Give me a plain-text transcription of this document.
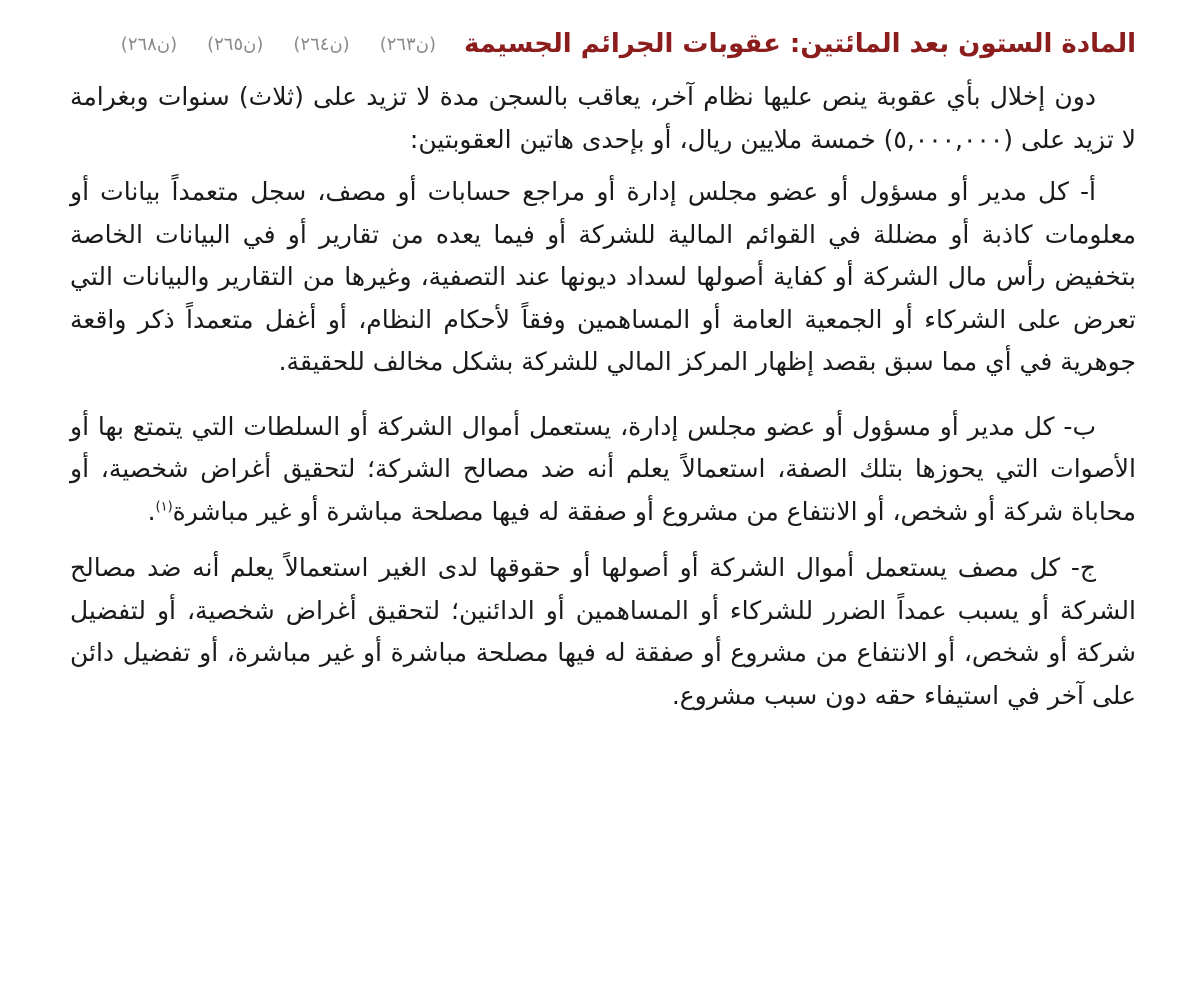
المادة الستون بعد المائتين: عقوبات الجرائم الجسيمة
(ن٢٦٣)
(ن٢٦٤)
(ن٢٦٥)
(ن٢٦٨)

دون إخلال بأي عقوبة ينص عليها نظام آخر، يعاقب بالسجن مدة لا تزيد على (ثلاث) سنوات وبغرامة لا تزيد على (٥,٠٠٠,٠٠٠) خمسة ملايين ريال، أو بإحدى هاتين العقوبتين:

أ- كل مدير أو مسؤول أو عضو مجلس إدارة أو مراجع حسابات أو مصف، سجل متعمداً بيانات أو معلومات كاذبة أو مضللة في القوائم المالية للشركة أو فيما يعده من تقارير أو في البيانات الخاصة بتخفيض رأس مال الشركة أو كفاية أصولها لسداد ديونها عند التصفية، وغيرها من التقارير والبيانات التي تعرض على الشركاء أو الجمعية العامة أو المساهمين وفقاً لأحكام النظام، أو أغفل متعمداً ذكر واقعة جوهرية في أي مما سبق بقصد إظهار المركز المالي للشركة بشكل مخالف للحقيقة.

ب- كل مدير أو مسؤول أو عضو مجلس إدارة، يستعمل أموال الشركة أو السلطات التي يتمتع بها أو الأصوات التي يحوزها بتلك الصفة، استعمالاً يعلم أنه ضد مصالح الشركة؛ لتحقيق أغراض شخصية، أو محاباة شركة أو شخص، أو الانتفاع من مشروع أو صفقة له فيها مصلحة مباشرة أو غير مباشرة$^{(١)}$.

ج- كل مصف يستعمل أموال الشركة أو أصولها أو حقوقها لدى الغير استعمالاً يعلم أنه ضد مصالح الشركة أو يسبب عمداً الضرر للشركاء أو المساهمين أو الدائنين؛ لتحقيق أغراض شخصية، أو لتفضيل شركة أو شخص، أو الانتفاع من مشروع أو صفقة له فيها مصلحة مباشرة أو غير مباشرة، أو تفضيل دائن على آخر في استيفاء حقه دون سبب مشروع.
